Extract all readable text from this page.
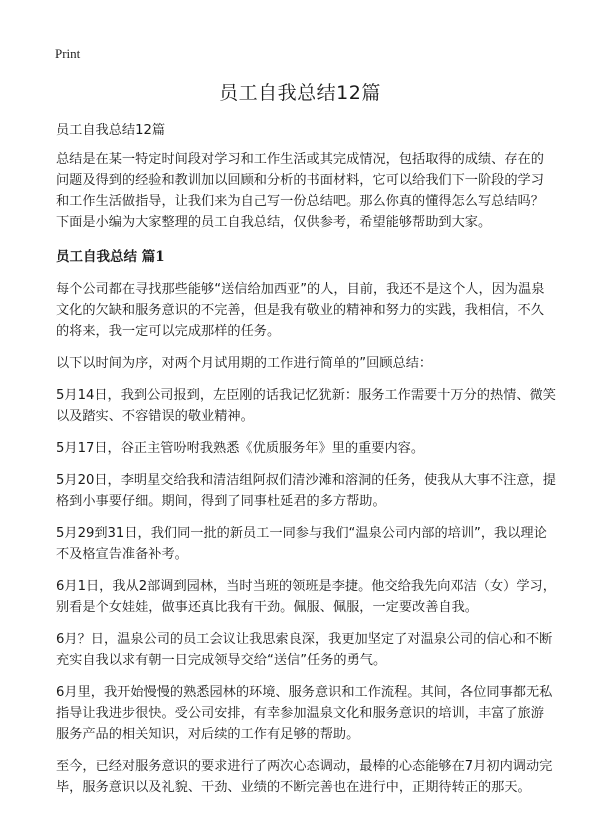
Print
员工自我总结12篇

员工自我总结12篇

总结是在某一特定时间段对学习和工作生活或其完成情况，包括取得的成绩、存在的问题及得到的经验和教训加以回顾和分析的书面材料，它可以给我们下一阶段的学习和工作生活做指导，让我们来为自己写一份总结吧。那么你真的懂得怎么写总结吗？下面是小编为大家整理的员工自我总结，仅供参考，希望能够帮助到大家。

员工自我总结 篇1

每个公司都在寻找那些能够“送信给加西亚”的人，目前，我还不是这个人，因为温泉文化的欠缺和服务意识的不完善，但是我有敬业的精神和努力的实践，我相信，不久的将来，我一定可以完成那样的任务。

以下以时间为序，对两个月试用期的工作进行简单的”回顾总结：

5月14日，我到公司报到，左臣刚的话我记忆犹新：服务工作需要十万分的热情、微笑以及踏实、不容错误的敬业精神。

5月17日，谷正主管吩咐我熟悉《优质服务年》里的重要内容。

5月20日，李明星交给我和清洁组阿叔们清沙滩和溶洞的任务，使我从大事不注意，提格到小事要仔细。期间，得到了同事杜延君的多方帮助。

5月29到31日，我们同一批的新员工一同参与我们“温泉公司内部的培训”，我以理论不及格宣告准备补考。

6月1日，我从2部调到园林，当时当班的领班是李捷。他交给我先向邓洁（女）学习，别看是个女娃娃，做事还真比我有干劲。佩服、佩服，一定要改善自我。

6月？日，温泉公司的员工会议让我思索良深，我更加坚定了对温泉公司的信心和不断充实自我以求有朝一日完成领导交给“送信”任务的勇气。

6月里，我开始慢慢的熟悉园林的环境、服务意识和工作流程。其间，各位同事都无私指导让我进步很快。受公司安排，有幸参加温泉文化和服务意识的培训，丰富了旅游服务产品的相关知识，对后续的工作有足够的帮助。

至今，已经对服务意识的要求进行了两次心态调动，最棒的心态能够在7月初内调动完毕，服务意识以及礼貌、干劲、业绩的不断完善也在进行中，正期待转正的那天。
